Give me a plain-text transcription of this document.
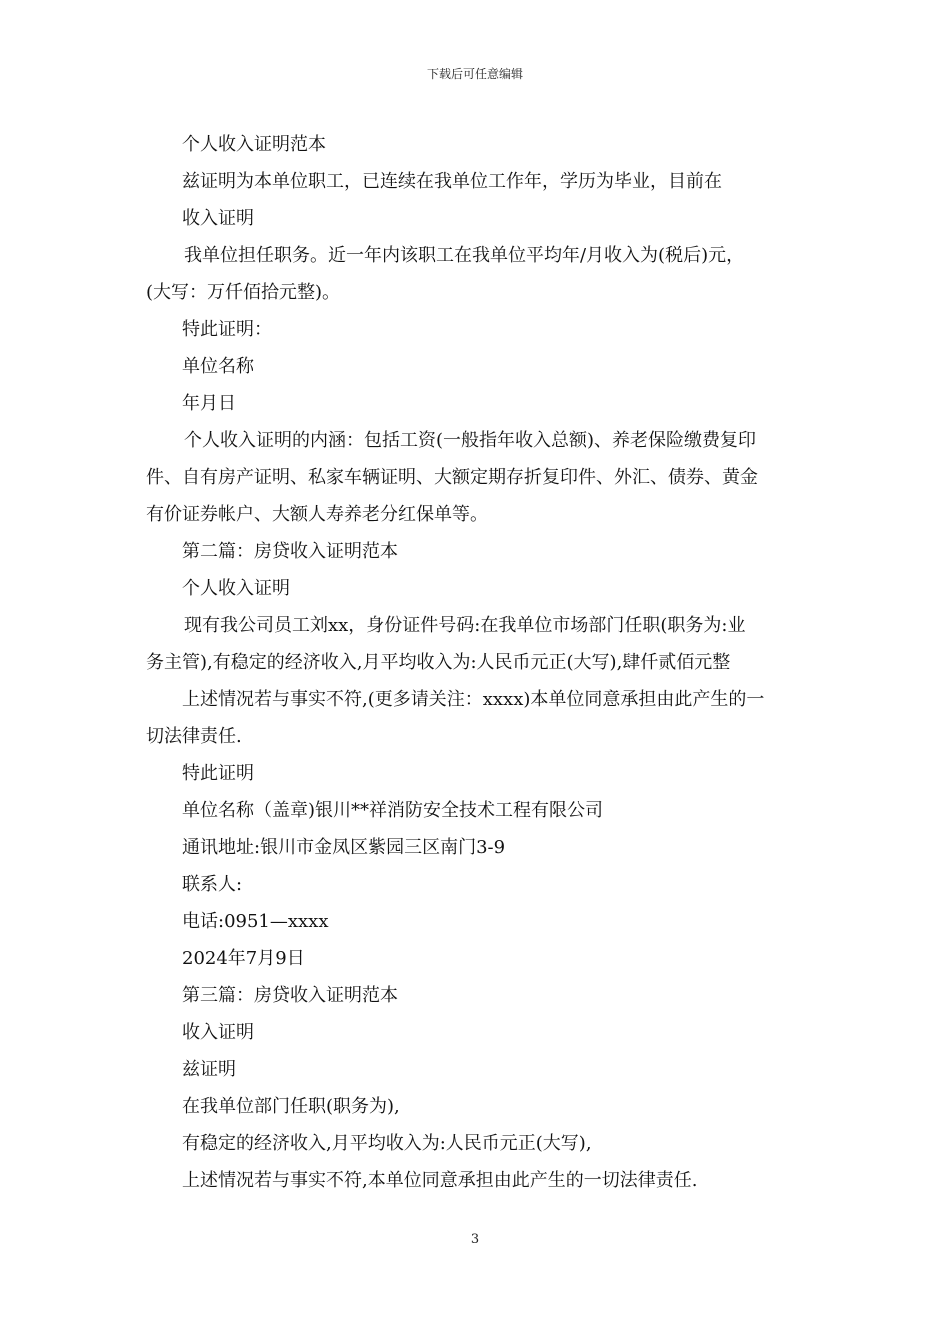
下载后可任意编辑
个人收入证明范本
兹证明为本单位职工，已连续在我单位工作年，学历为毕业，目前在
收入证明
我单位担任职务。近一年内该职工在我单位平均年/月收入为(税后)元，
(大写：万仟佰拾元整)。
特此证明：
单位名称
年月日
个人收入证明的内涵：包括工资(一般指年收入总额)、养老保险缴费复印
件、自有房产证明、私家车辆证明、大额定期存折复印件、外汇、债券、黄金
有价证券帐户、大额人寿养老分红保单等。
第二篇：房贷收入证明范本
个人收入证明
现有我公司员工刘xx，身份证件号码:在我单位市场部门任职(职务为:业
务主管),有稳定的经济收入,月平均收入为:人民币元正(大写),肆仟贰佰元整
上述情况若与事实不符,(更多请关注：xxxx)本单位同意承担由此产生的一
切法律责任.
特此证明
单位名称（盖章)银川**祥消防安全技术工程有限公司
通讯地址:银川市金凤区紫园三区南门3-9
联系人:
电话:0951—xxxx
2024年7月9日
第三篇：房贷收入证明范本
收入证明
兹证明
在我单位部门任职(职务为),
有稳定的经济收入,月平均收入为:人民币元正(大写),
上述情况若与事实不符,本单位同意承担由此产生的一切法律责任.
3
